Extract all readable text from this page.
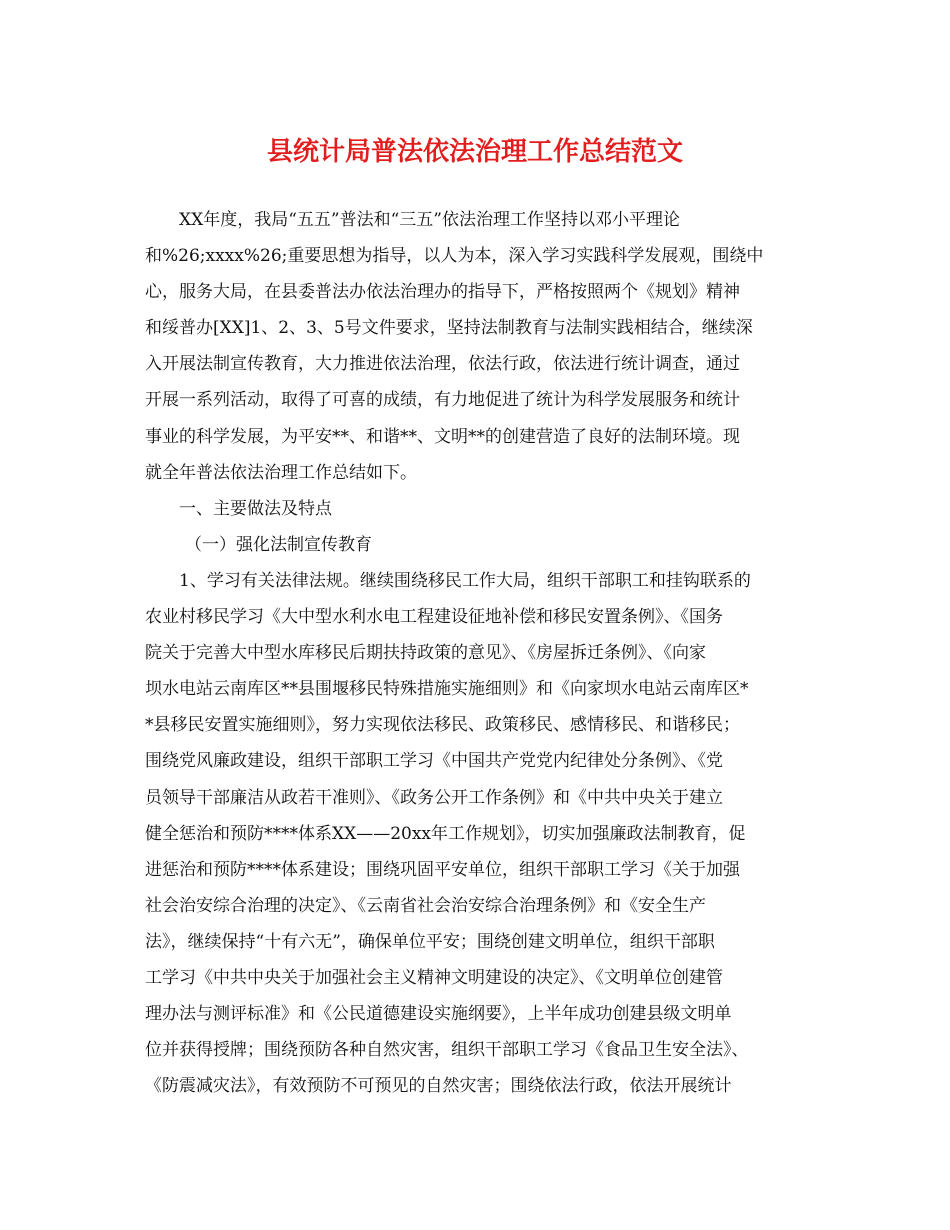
县统计局普法依法治理工作总结范文
XX年度，我局“五五”普法和“三五”依法治理工作坚持以邓小平理论
和%26;xxxx%26;重要思想为指导，以人为本，深入学习实践科学发展观，围绕中
心，服务大局，在县委普法办依法治理办的指导下，严格按照两个《规划》精神
和绥普办[XX]1、2、3、5号文件要求，坚持法制教育与法制实践相结合，继续深
入开展法制宣传教育，大力推进依法治理，依法行政，依法进行统计调查，通过
开展一系列活动，取得了可喜的成绩，有力地促进了统计为科学发展服务和统计
事业的科学发展，为平安**、和谐**、文明**的创建营造了良好的法制环境。现
就全年普法依法治理工作总结如下。
一、主要做法及特点
（一）强化法制宣传教育
1、学习有关法律法规。继续围绕移民工作大局，组织干部职工和挂钩联系的
农业村移民学习《大中型水利水电工程建设征地补偿和移民安置条例》、《国务
院关于完善大中型水库移民后期扶持政策的意见》、《房屋拆迁条例》、《向家
坝水电站云南库区**县围堰移民特殊措施实施细则》和《向家坝水电站云南库区*
*县移民安置实施细则》，努力实现依法移民、政策移民、感情移民、和谐移民；
围绕党风廉政建设，组织干部职工学习《中国共产党党内纪律处分条例》、《党
员领导干部廉洁从政若干准则》、《政务公开工作条例》和《中共中央关于建立
健全惩治和预防****体系XX——20xx年工作规划》，切实加强廉政法制教育，促
进惩治和预防****体系建设；围绕巩固平安单位，组织干部职工学习《关于加强
社会治安综合治理的决定》、《云南省社会治安综合治理条例》和《安全生产
法》，继续保持“十有六无”，确保单位平安；围绕创建文明单位，组织干部职
工学习《中共中央关于加强社会主义精神文明建设的决定》、《文明单位创建管
理办法与测评标准》和《公民道德建设实施纲要》，上半年成功创建县级文明单
位并获得授牌；围绕预防各种自然灾害，组织干部职工学习《食品卫生安全法》、
《防震减灾法》，有效预防不可预见的自然灾害；围绕依法行政，依法开展统计
